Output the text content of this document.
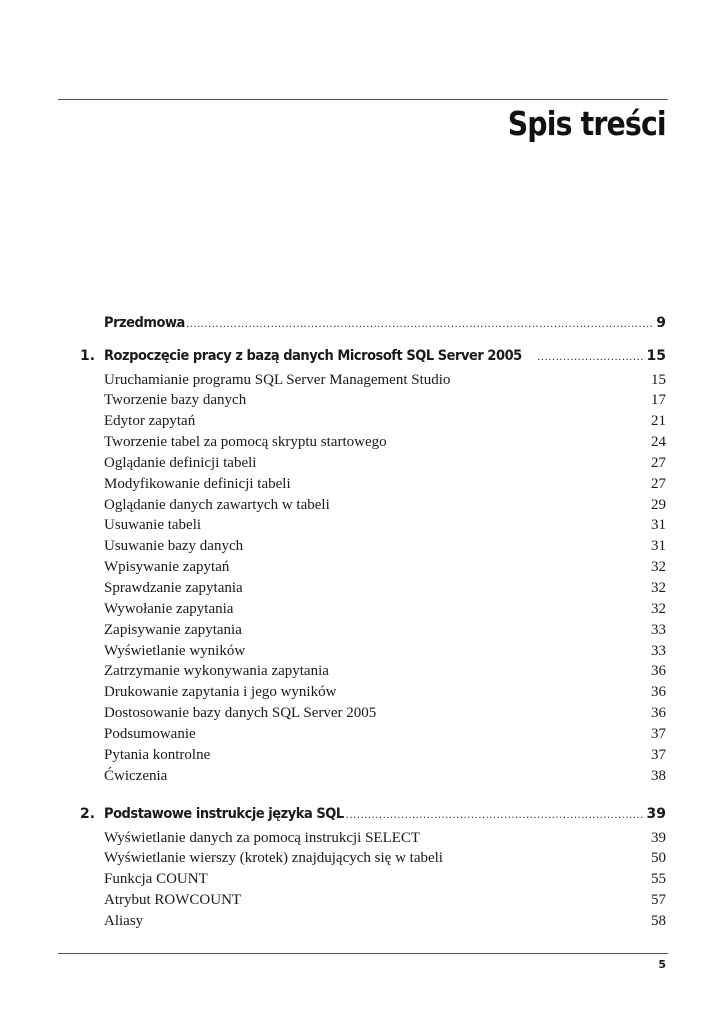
Spis treści
Przedmowa .....	9
1. Rozpoczęcie pracy z bazą danych Microsoft SQL Server 2005 .....	15
Uruchamianie programu SQL Server Management Studio	15
Tworzenie bazy danych	17
Edytor zapytań	21
Tworzenie tabel za pomocą skryptu startowego	24
Oglądanie definicji tabeli	27
Modyfikowanie definicji tabeli	27
Oglądanie danych zawartych w tabeli	29
Usuwanie tabeli	31
Usuwanie bazy danych	31
Wpisywanie zapytań	32
Sprawdzanie zapytania	32
Wywołanie zapytania	32
Zapisywanie zapytania	33
Wyświetlanie wyników	33
Zatrzymanie wykonywania zapytania	36
Drukowanie zapytania i jego wyników	36
Dostosowanie bazy danych SQL Server 2005	36
Podsumowanie	37
Pytania kontrolne	37
Ćwiczenia	38
2. Podstawowe instrukcje języka SQL .....	39
Wyświetlanie danych za pomocą instrukcji SELECT	39
Wyświetlanie wierszy (krotek) znajdujących się w tabeli	50
Funkcja COUNT	55
Atrybut ROWCOUNT	57
Aliasy	58
5
